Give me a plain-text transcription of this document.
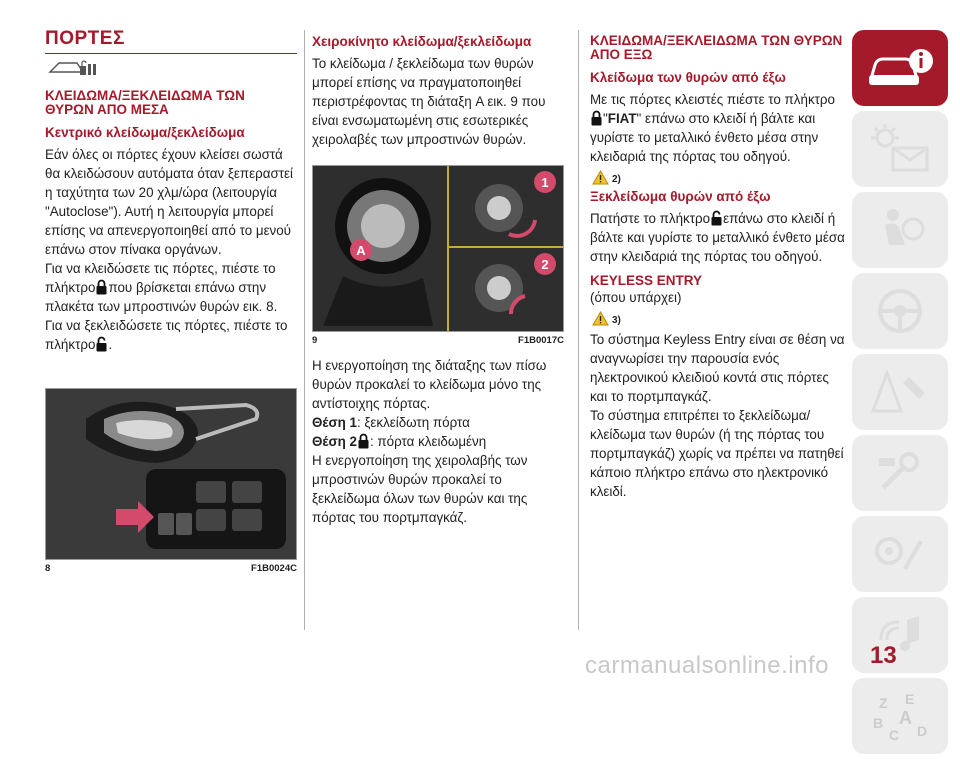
ΠΟΡΤΕΣ
ΚΛΕΙΔΩΜΑ/ΞΕΚΛΕΙΔΩΜΑ ΤΩΝ ΘΥΡΩΝ ΑΠΟ ΜΕΣΑ
Κεντρικό κλείδωμα/ξεκλείδωμα

Εάν όλες οι πόρτες έχουν κλείσει σωστά θα κλειδώσουν αυτόματα όταν ξεπεραστεί η ταχύτητα των 20 χλμ/ώρα (λειτουργία "Autoclose"). Αυτή η λειτουργία μπορεί επίσης να απενεργοποιηθεί από το μενού επάνω στον πίνακα οργάνων.

Για να κλειδώσετε τις πόρτες, πιέστε το πλήκτρο που βρίσκεται επάνω στην πλακέτα των μπροστινών θυρών εικ. 8.

Για να ξεκλειδώσετε τις πόρτες, πιέστε το πλήκτρο .

8	F1B0024C
Χειροκίνητο κλείδωμα/ξεκλείδωμα

Το κλείδωμα / ξεκλείδωμα των θυρών μπορεί επίσης να πραγματοποιηθεί περιστρέφοντας τη διάταξη A εικ. 9 που είναι ενσωματωμένη στις εσωτερικές χειρολαβές των μπροστινών θυρών.

A
1
2
9	F1B0017C

Η ενεργοποίηση της διάταξης των πίσω θυρών προκαλεί το κλείδωμα μόνο της αντίστοιχης πόρτας.

Θέση 1: ξεκλείδωτη πόρτα

Θέση 2 : πόρτα κλειδωμένη

Η ενεργοποίηση της χειρολαβής των μπροστινών θυρών προκαλεί το ξεκλείδωμα όλων των θυρών και της πόρτας του πορτμπαγκάζ.

ΚΛΕΙΔΩΜΑ/ΞΕΚΛΕΙΔΩΜΑ ΤΩΝ ΘΥΡΩΝ ΑΠΟ ΕΞΩ
Κλείδωμα των θυρών από έξω

Με τις πόρτες κλειστές πιέστε το πλήκτρο"FIAT" επάνω στο κλειδί ή βάλτε και γυρίστε το μεταλλικό ένθετο μέσα στην κλειδαριά της πόρτας του οδηγού.

2)
Ξεκλείδωμα θυρών από έξω

Πατήστε το πλήκτρο επάνω στο κλειδί ή βάλτε και γυρίστε το μεταλλικό ένθετο μέσα στην κλειδαριά της πόρτας του οδηγού.

KEYLESS ENTRY

(όπου υπάρχει)

3)

Το σύστημα Keyless Entry είναι σε θέση να αναγνωρίσει την παρουσία ενός ηλεκτρονικού κλειδιού κοντά στις πόρτες και το πορτμπαγκάζ.

Το σύστημα επιτρέπει το ξεκλείδωμα/κλείδωμα των θυρών (ή της πόρτας του πορτμπαγκάζ) χωρίς να πρέπει να πατηθεί κάποιο πλήκτρο επάνω στο ηλεκτρονικό κλειδί.

Z E
B A
C D
13
carmanualsonline.info
